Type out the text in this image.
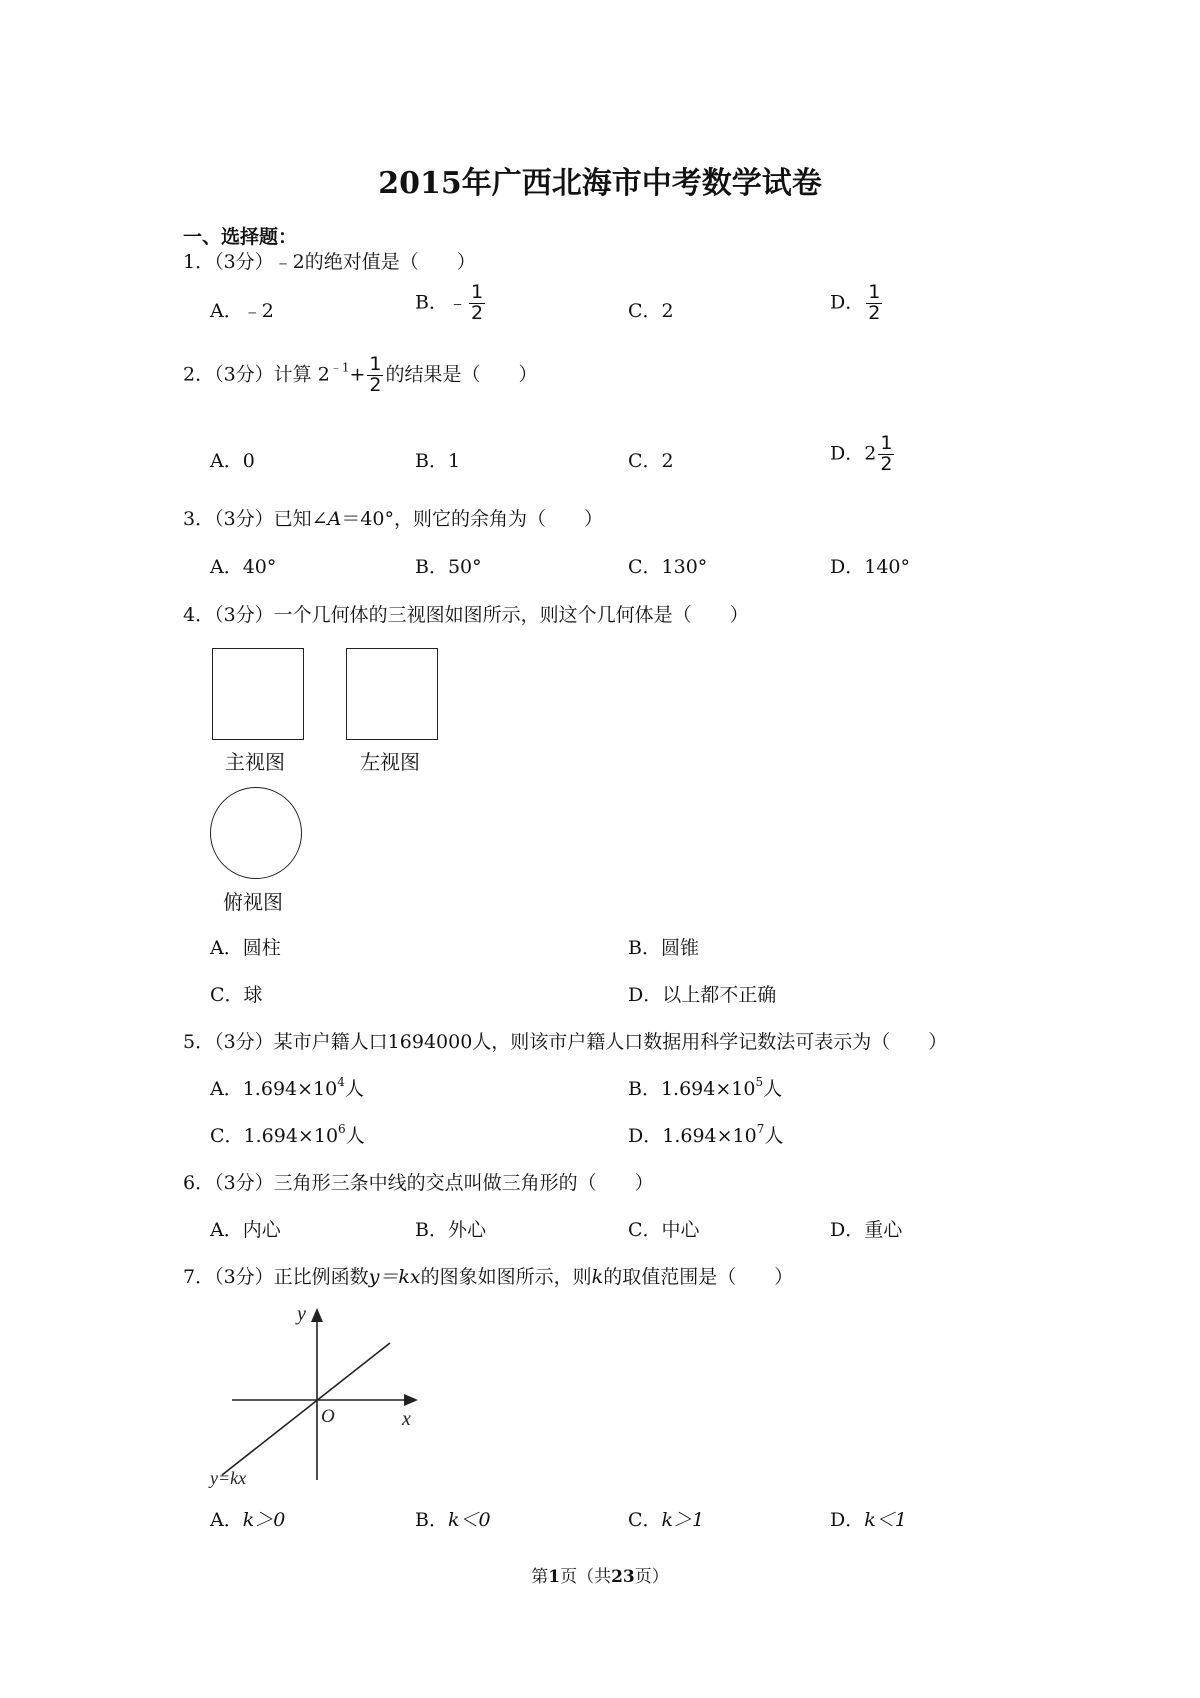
2015年广西北海市中考数学试卷
一、选择题：
1．（3分）﹣2的绝对值是（　　）
A．﹣2	B．﹣ $\frac{1}{2}$	C．2	D． $\frac{1}{2}$
2．（3分）计算 $2^{﹣1}+ \frac{1}{2}$ 的结果是（　　）
A．0	B．1	C．2	D．$2 \frac{1}{2}$
3．（3分）已知∠A＝40°，则它的余角为（　　）
A．40°	B．50°	C．130°	D．140°
4．（3分）一个几何体的三视图如图所示，则这个几何体是（　　）
主视图	左视图
俯视图
A．圆柱	B．圆锥
C．球	D．以上都不正确
5．（3分）某市户籍人口1694000人，则该市户籍人口数据用科学记数法可表示为（　　）
A．$1.694\times 10^4$人	B．$1.694\times 10^5$人
C．$1.694\times 10^6$人	D．$1.694\times 10^7$人
6．（3分）三角形三条中线的交点叫做三角形的（　　）
A．内心	B．外心	C．中心	D．重心
7．（3分）正比例函数y＝kx的图象如图所示，则k的取值范围是（　　）
y
x
O
y=kx
A．k＞0	B．k＜0	C．k＞1	D．k＜1
第1页（共23页）
